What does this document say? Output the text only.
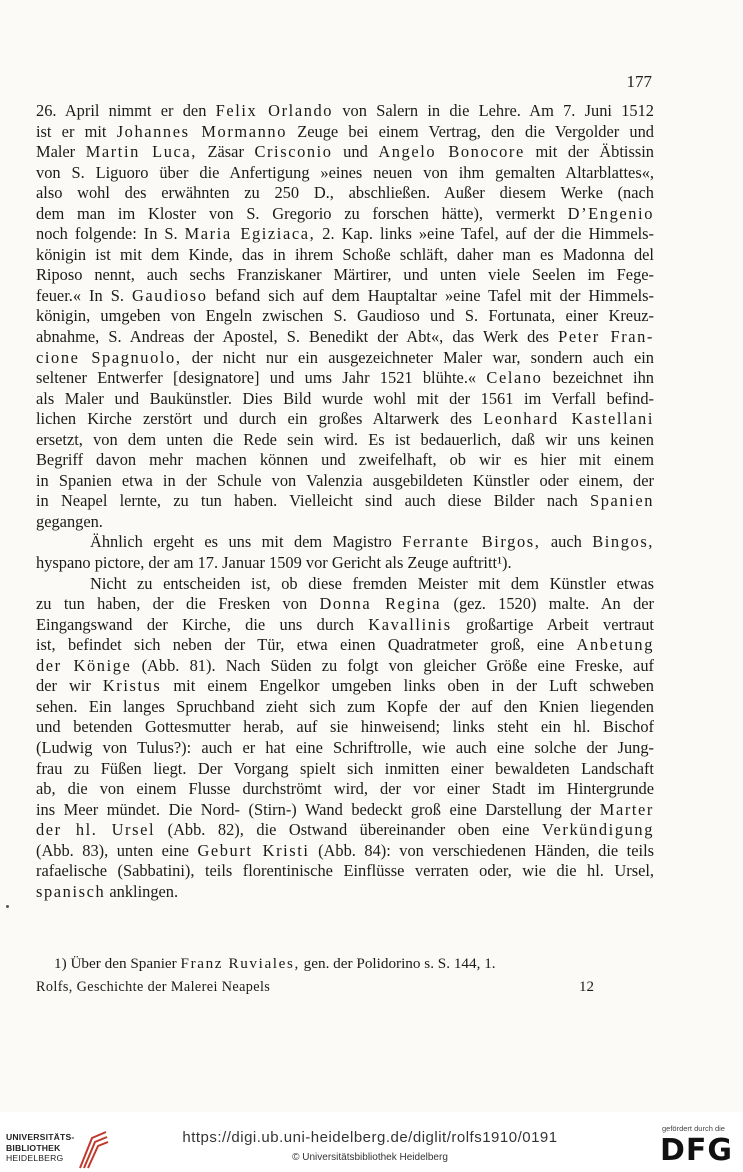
177
26. April nimmt er den Felix Orlando von Salern in die Lehre. Am 7. Juni 1512
ist er mit Johannes Mormanno Zeuge bei einem Vertrag, den die Vergolder und
Maler Martin Luca, Zäsar Crisconio und Angelo Bonocore mit der Äbtissin
von S. Liguoro über die Anfertigung »eines neuen von ihm gemalten Altarblattes«,
also wohl des erwähnten zu 250 D., abschließen. Außer diesem Werke (nach
dem man im Kloster von S. Gregorio zu forschen hätte), vermerkt D’Engenio
noch folgende: In S. Maria Egiziaca, 2. Kap. links »eine Tafel, auf der die Himmels-
königin ist mit dem Kinde, das in ihrem Schoße schläft, daher man es Madonna del
Riposo nennt, auch sechs Franziskaner Märtirer, und unten viele Seelen im Fege-
feuer.« In S. Gaudioso befand sich auf dem Hauptaltar »eine Tafel mit der Himmels-
königin, umgeben von Engeln zwischen S. Gaudioso und S. Fortunata, einer Kreuz-
abnahme, S. Andreas der Apostel, S. Benedikt der Abt«, das Werk des Peter Fran-
cione Spagnuolo, der nicht nur ein ausgezeichneter Maler war, sondern auch ein
seltener Entwerfer [designatore] und ums Jahr 1521 blühte.« Celano bezeichnet ihn
als Maler und Baukünstler. Dies Bild wurde wohl mit der 1561 im Verfall befind-
lichen Kirche zerstört und durch ein großes Altarwerk des Leonhard Kastellani
ersetzt, von dem unten die Rede sein wird. Es ist bedauerlich, daß wir uns keinen
Begriff davon mehr machen können und zweifelhaft, ob wir es hier mit einem
in Spanien etwa in der Schule von Valenzia ausgebildeten Künstler oder einem, der
in Neapel lernte, zu tun haben. Vielleicht sind auch diese Bilder nach Spanien
gegangen.
Ähnlich ergeht es uns mit dem Magistro Ferrante Birgos, auch Bingos,
hyspano pictore, der am 17. Januar 1509 vor Gericht als Zeuge auftritt¹).
Nicht zu entscheiden ist, ob diese fremden Meister mit dem Künstler etwas
zu tun haben, der die Fresken von Donna Regina (gez. 1520) malte. An der
Eingangswand der Kirche, die uns durch Kavallinis großartige Arbeit vertraut
ist, befindet sich neben der Tür, etwa einen Quadratmeter groß, eine Anbetung
der Könige (Abb. 81). Nach Süden zu folgt von gleicher Größe eine Freske, auf
der wir Kristus mit einem Engelkor umgeben links oben in der Luft schweben
sehen. Ein langes Spruchband zieht sich zum Kopfe der auf den Knien liegenden
und betenden Gottesmutter herab, auf sie hinweisend; links steht ein hl. Bischof
(Ludwig von Tulus?): auch er hat eine Schriftrolle, wie auch eine solche der Jung-
frau zu Füßen liegt. Der Vorgang spielt sich inmitten einer bewaldeten Landschaft
ab, die von einem Flusse durchströmt wird, der vor einer Stadt im Hintergrunde
ins Meer mündet. Die Nord- (Stirn-) Wand bedeckt groß eine Darstellung der Marter
der hl. Ursel (Abb. 82), die Ostwand übereinander oben eine Verkündigung
(Abb. 83), unten eine Geburt Kristi (Abb. 84): von verschiedenen Händen, die teils
rafaelische (Sabbatini), teils florentinische Einflüsse verraten oder, wie die hl. Ursel,
spanisch anklingen.
1) Über den Spanier Franz Ruviales, gen. der Polidorino s. S. 144, 1.
Rolfs, Geschichte der Malerei Neapels	12
UNIVERSITÄTS-
BIBLIOTHEK
HEIDELBERG
https://digi.ub.uni-heidelberg.de/diglit/rolfs1910/0191
© Universitätsbibliothek Heidelberg
gefördert durch die
DFG
